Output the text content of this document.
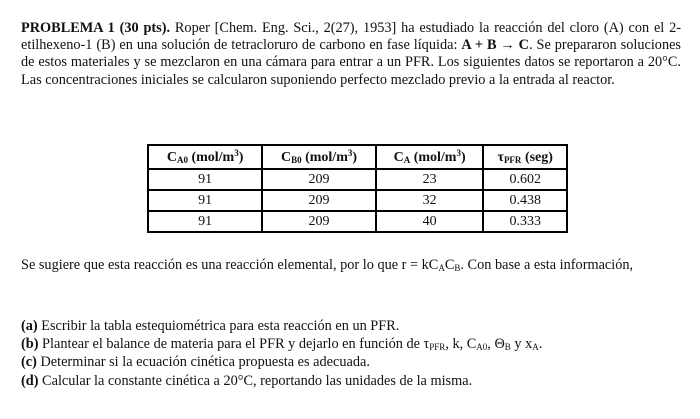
PROBLEMA 1 (30 pts). Roper [Chem. Eng. Sci., 2(27), 1953] ha estudiado la reacción del cloro (A) con el 2-etilhexeno-1 (B) en una solución de tetracloruro de carbono en fase líquida: A + B → C. Se prepararon soluciones de estos materiales y se mezclaron en una cámara para entrar a un PFR. Los siguientes datos se reportaron a 20°C. Las concentraciones iniciales se calcularon suponiendo perfecto mezclado previo a la entrada al reactor.

$C_{A0}$ $(mol/m^3)$	$C_{B0}$ $(mol/m^3)$	$C_A$ $(mol/m^3)$	$\tau_{PFR}$ (seg)
91	209	23	0.602
91	209	32	0.438
91	209	40	0.333

Se sugiere que esta reacción es una reacción elemental, por lo que $r = kC_AC_B$. Con base a esta información,

(a) Escribir la tabla estequiométrica para esta reacción en un PFR.

(b) Plantear el balance de materia para el PFR y dejarlo en función de $\tau_{PFR}$, k, $C_{A0}$, $\Theta_B$ y $x_A$.

(c) Determinar si la ecuación cinética propuesta es adecuada.

(d) Calcular la constante cinética a 20°C, reportando las unidades de la misma.
